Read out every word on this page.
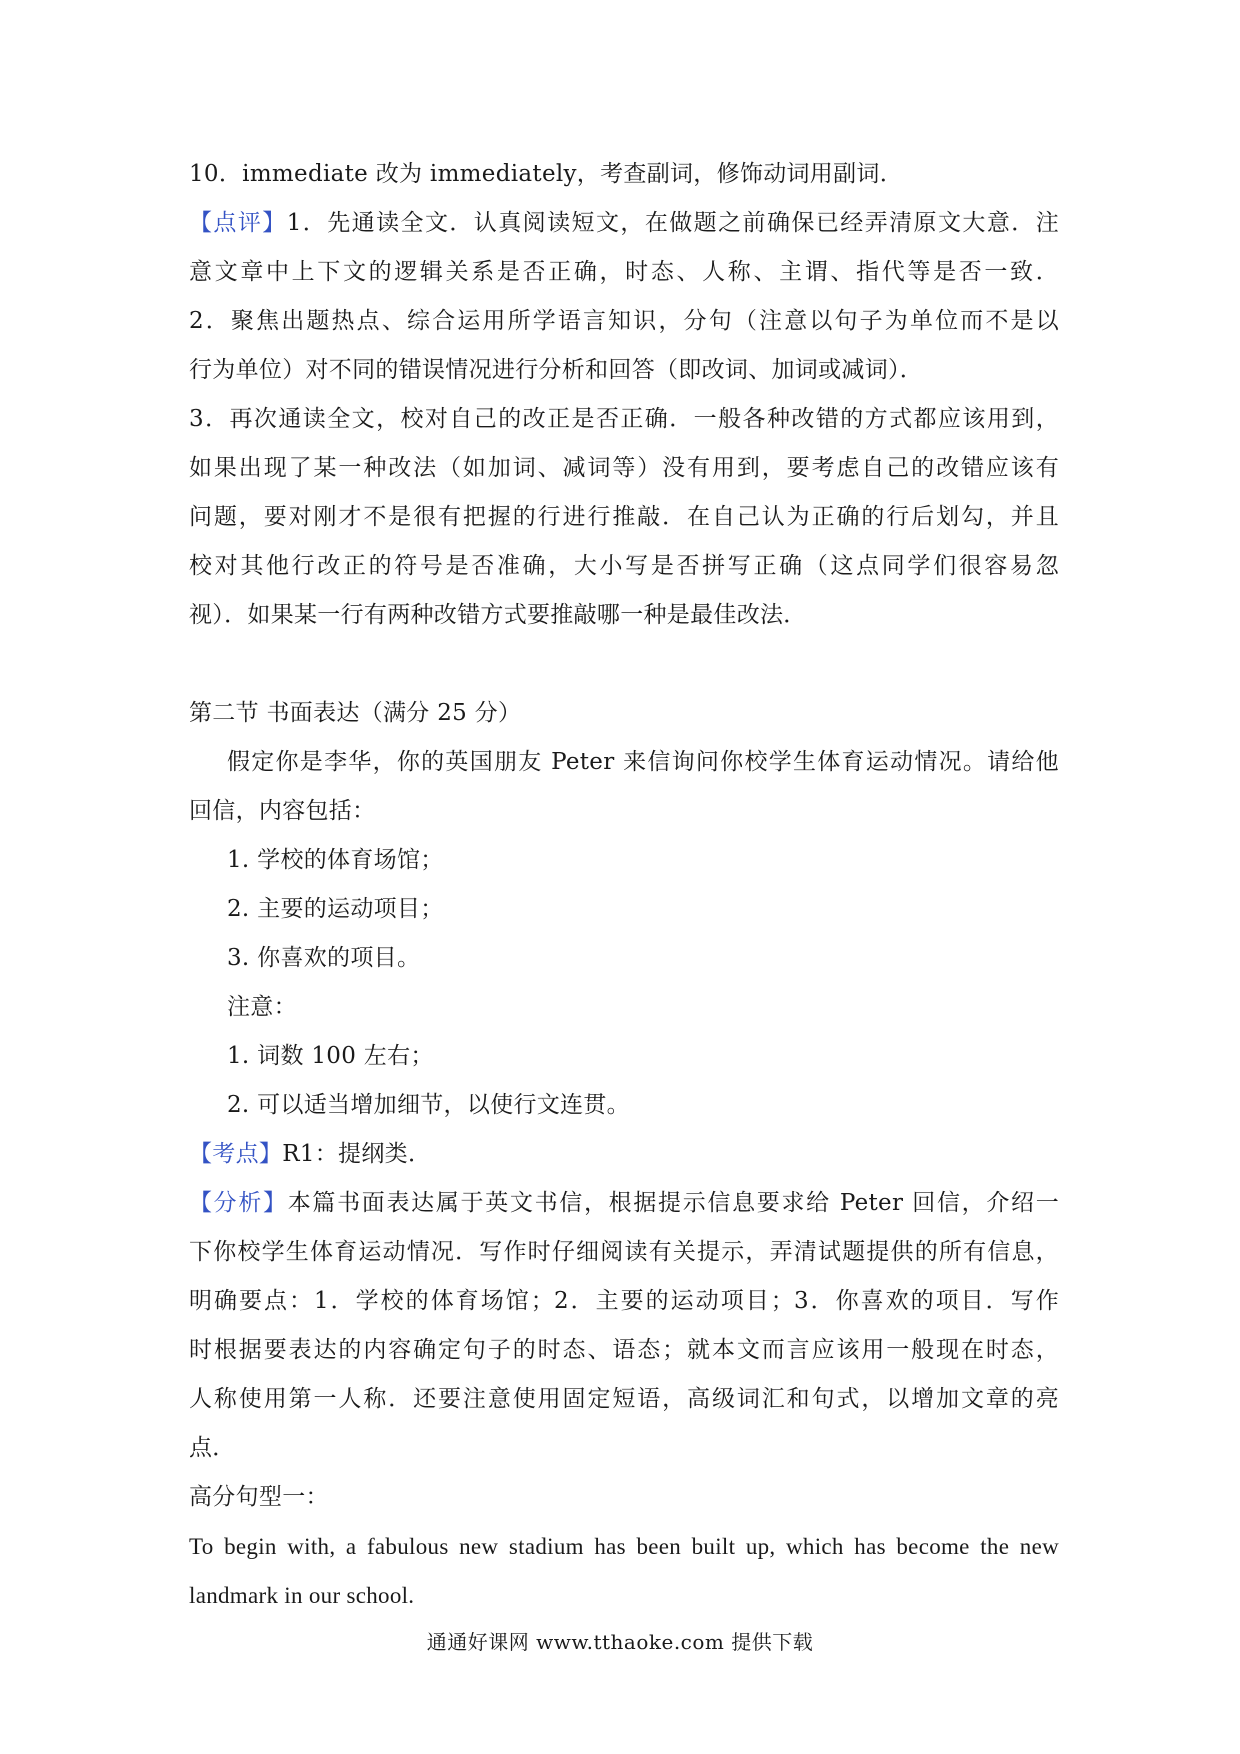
10．immediate 改为 immediately，考查副词，修饰动词用副词．
【点评】1．先通读全文．认真阅读短文，在做题之前确保已经弄清原文大意．注
意文章中上下文的逻辑关系是否正确，时态、人称、主谓、指代等是否一致．
2．聚焦出题热点、综合运用所学语言知识，分句（注意以句子为单位而不是以
行为单位）对不同的错误情况进行分析和回答（即改词、加词或减词）．
3．再次通读全文，校对自己的改正是否正确．一般各种改错的方式都应该用到，
如果出现了某一种改法（如加词、减词等）没有用到，要考虑自己的改错应该有
问题，要对刚才不是很有把握的行进行推敲．在自己认为正确的行后划勾，并且
校对其他行改正的符号是否准确，大小写是否拼写正确（这点同学们很容易忽
视）．如果某一行有两种改错方式要推敲哪一种是最佳改法．
第二节 书面表达（满分 25 分）
假定你是李华，你的英国朋友 Peter 来信询问你校学生体育运动情况。请给他
回信，内容包括：
1. 学校的体育场馆；
2. 主要的运动项目；
3. 你喜欢的项目。
注意：
1. 词数 100 左右；
2. 可以适当增加细节，以使行文连贯。
【考点】R1：提纲类．
【分析】本篇书面表达属于英文书信，根据提示信息要求给 Peter 回信，介绍一
下你校学生体育运动情况．写作时仔细阅读有关提示，弄清试题提供的所有信息，
明确要点：1．学校的体育场馆；2．主要的运动项目；3．你喜欢的项目．写作
时根据要表达的内容确定句子的时态、语态；就本文而言应该用一般现在时态，
人称使用第一人称．还要注意使用固定短语，高级词汇和句式，以增加文章的亮
点．
高分句型一：
To begin with, a fabulous new stadium has been built up, which has become the new
landmark in our school.
通通好课网 www.tthaoke.com 提供下载
